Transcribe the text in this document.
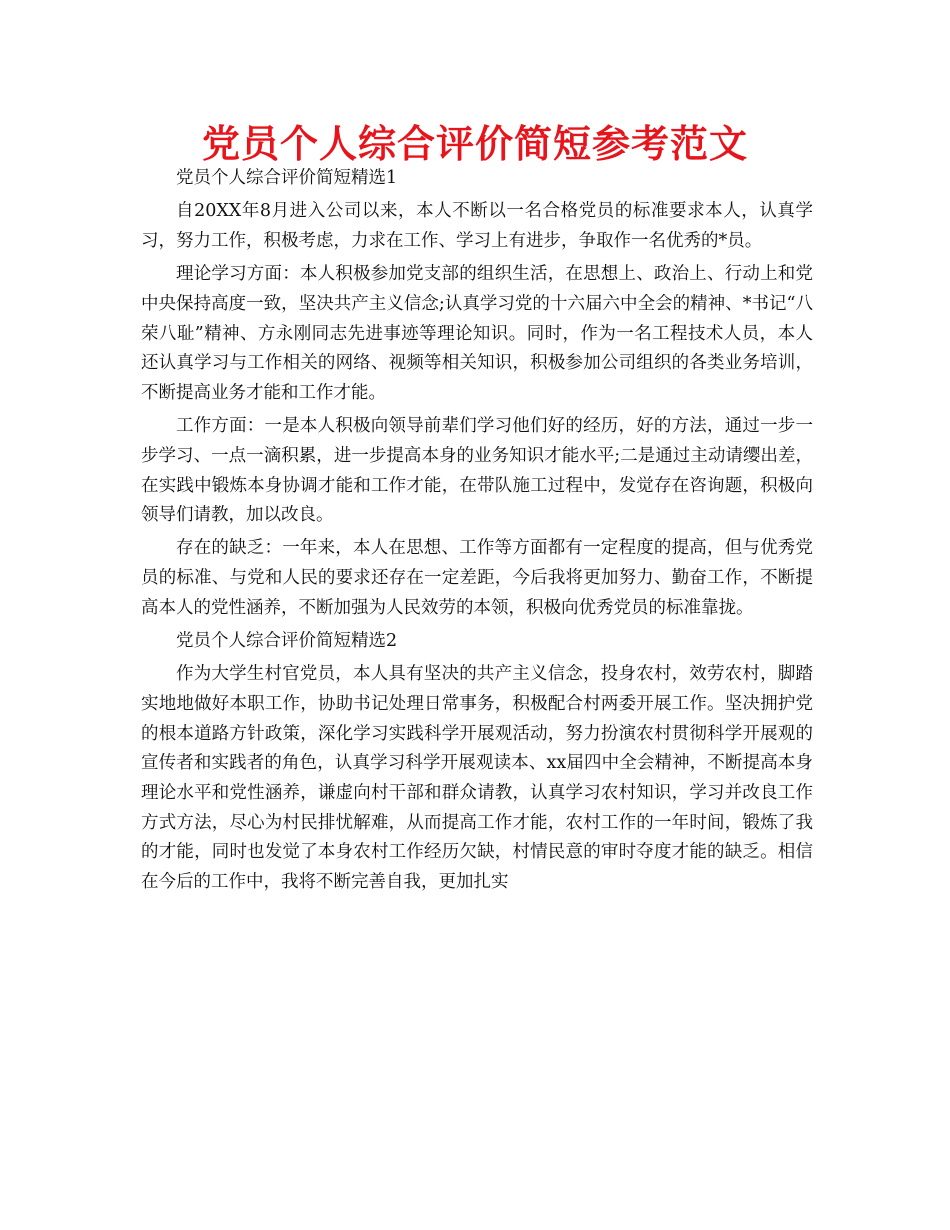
党员个人综合评价简短参考范文

党员个人综合评价简短精选1

自20XX年8月进入公司以来，本人不断以一名合格党员的标准要求本人，认真学习，努力工作，积极考虑，力求在工作、学习上有进步，争取作一名优秀的*员。

理论学习方面：本人积极参加党支部的组织生活，在思想上、政治上、行动上和党中央保持高度一致，坚决共产主义信念;认真学习党的十六届六中全会的精神、*书记“八荣八耻”精神、方永刚同志先进事迹等理论知识。同时，作为一名工程技术人员，本人还认真学习与工作相关的网络、视频等相关知识，积极参加公司组织的各类业务培训，不断提高业务才能和工作才能。

工作方面：一是本人积极向领导前辈们学习他们好的经历，好的方法，通过一步一步学习、一点一滴积累，进一步提高本身的业务知识才能水平;二是通过主动请缨出差，在实践中锻炼本身协调才能和工作才能，在带队施工过程中，发觉存在咨询题，积极向领导们请教，加以改良。

存在的缺乏：一年来，本人在思想、工作等方面都有一定程度的提高，但与优秀党员的标准、与党和人民的要求还存在一定差距，今后我将更加努力、勤奋工作，不断提高本人的党性涵养，不断加强为人民效劳的本领，积极向优秀党员的标准靠拢。

党员个人综合评价简短精选2

作为大学生村官党员，本人具有坚决的共产主义信念，投身农村，效劳农村，脚踏实地地做好本职工作，协助书记处理日常事务，积极配合村两委开展工作。坚决拥护党的根本道路方针政策，深化学习实践科学开展观活动，努力扮演农村贯彻科学开展观的宣传者和实践者的角色，认真学习科学开展观读本、xx届四中全会精神，不断提高本身理论水平和党性涵养，谦虚向村干部和群众请教，认真学习农村知识，学习并改良工作方式方法，尽心为村民排忧解难，从而提高工作才能，农村工作的一年时间，锻炼了我的才能，同时也发觉了本身农村工作经历欠缺，村情民意的审时夺度才能的缺乏。相信在今后的工作中，我将不断完善自我，更加扎实
